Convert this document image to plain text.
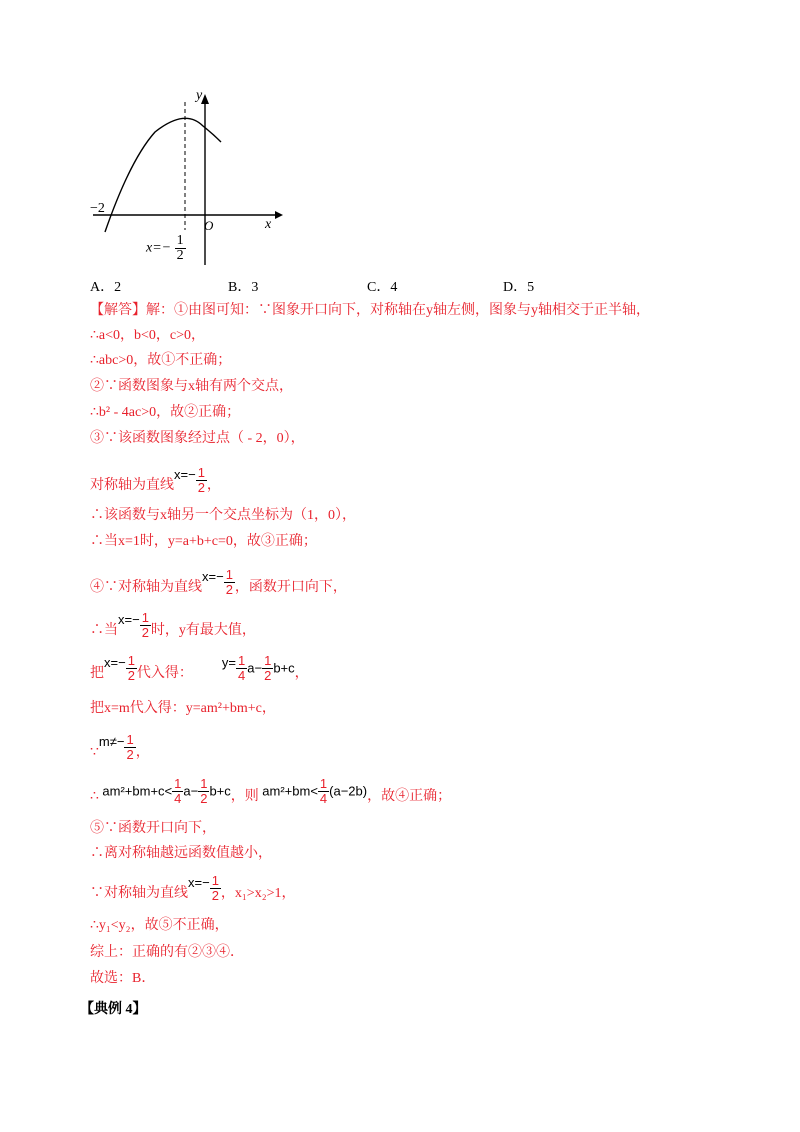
y
x
O
−2
$x=- \frac{1}{2}$
A．2	B．3	C．4	D．5
【解答】解：①由图可知：∵图象开口向下，对称轴在y轴左侧，图象与y轴相交于正半轴，
∴a<0，b<0，c>0，
∴abc>0，故①不正确；
②∵函数图象与x轴有两个交点，
∴b² - 4ac>0，故②正确；
③∵该函数图象经过点（ - 2，0），
对称轴为直线$x=- \frac{1}{2}$ ，
∴该函数与x轴另一个交点坐标为（1，0），
∴当x=1时，y=a+b+c=0，故③正确；
④∵对称轴为直线$x=- \frac{1}{2}$ ，函数开口向下，
∴当$x=- \frac{1}{2}$ 时，y有最大值，
把$x=- \frac{1}{2}$ 代入得：  $y= \frac{1}{4} a- \frac{1}{2} b+c$，
把x=m代入得：y=am²+bm+c，
∵m≠− $\frac{1}{2}$ ，
∴ $am^2+bm+c< \frac{1}{4} a- \frac{1}{2} b+c$，则 $am^2+bm< \frac{1}{4} (a-2b)$，故④正确；
⑤∵函数开口向下，
∴离对称轴越远函数值越小，
∵对称轴为直线$x=- \frac{1}{2}$ ，x₁>x₂>1，
∴y₁<y₂，故⑤不正确，
综上：正确的有②③④．
故选：B．
【典例 4】
